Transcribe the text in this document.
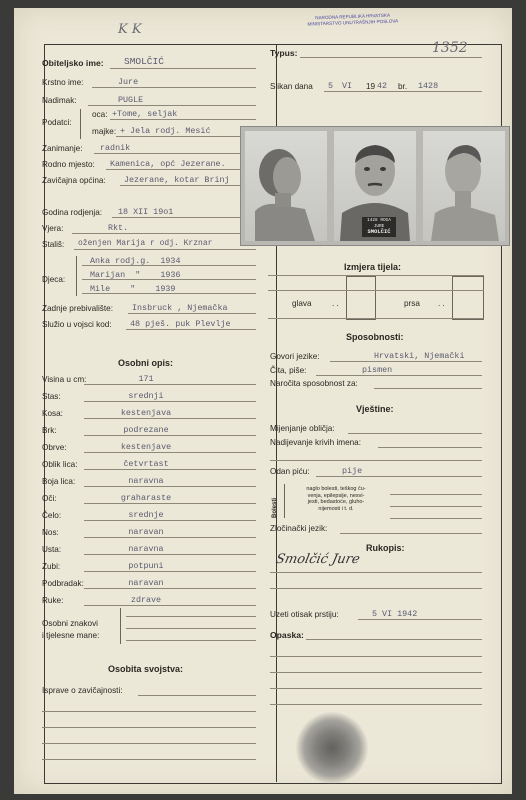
K K
NARODNA REPUBLIKA HRVATSKA
MINISTARSTVO UNUTRAŠNJIH POSLOVA
1352
Obiteljsko ime: SMOLČIĆ
Krstno ime:	Jure
Nadimak:	PUGLE
Podatci:
oca: +Tome, seljak
majke: + Jela rodj. Mesić
Zanimanje: radnik
Rodno mjesto: Kamenica, opć Jezerane.
Zavičajna općina: Jezerane, kotar Brinj
Godina rodjenja: 18 XII 19o1
Vjera:	Rkt.
Stališ: oženjen Marija r odj. Krznar
Djeca:
Anka rodj.g.  1934
Marijan  "    1936
Mile    "    1939
Zadnje prebivalište: Insbruck , Njemačka
Služio u vojsci kod: 48 pješ. puk Plevlje
Osobni opis:
Visina u cm:	171
Stas:	srednji
Kosa:	kestenjava
Brk:	podrezane
Obrve:	kestenjave
Oblik lica:	četvrtast
Boja lica:	naravna
Oči:	graharaste
Čelo:	srednje
Nos:	naravan
Usta:	naravna
Zubi:	potpuni
Podbradak:	naravan
Ruke:	zdrave
Osobni znakovi
i tjelesne mane:
Osobita svojstva:
Isprave o zavičajnosti:
Typus:
Slikan dana 5 VI 19 42 br. 1428
1428 ROGA
JURE
SMOLČIĆ
Izmjera tijela:
glava . .	prsa . .
Sposobnosti:
Govori jezike:	Hrvatski, Njemački
Čita, piše:	pismen
Naročita sposobnost za:
Vještine:
Mijenjanje obličja:
Nadijevanje krivih imena:
Odan piću:	pije
Bolesti
naglo bolesti, teškog ču-
venja, epilepsije, nesvi-
jesti, bedastoće, gluho-
nijemosti i t. d.
Zločinački jezik:
Rukopis:
Smolčić Jure
Uzeti otisak prstiju:	5 VI 1942
Opaska:
